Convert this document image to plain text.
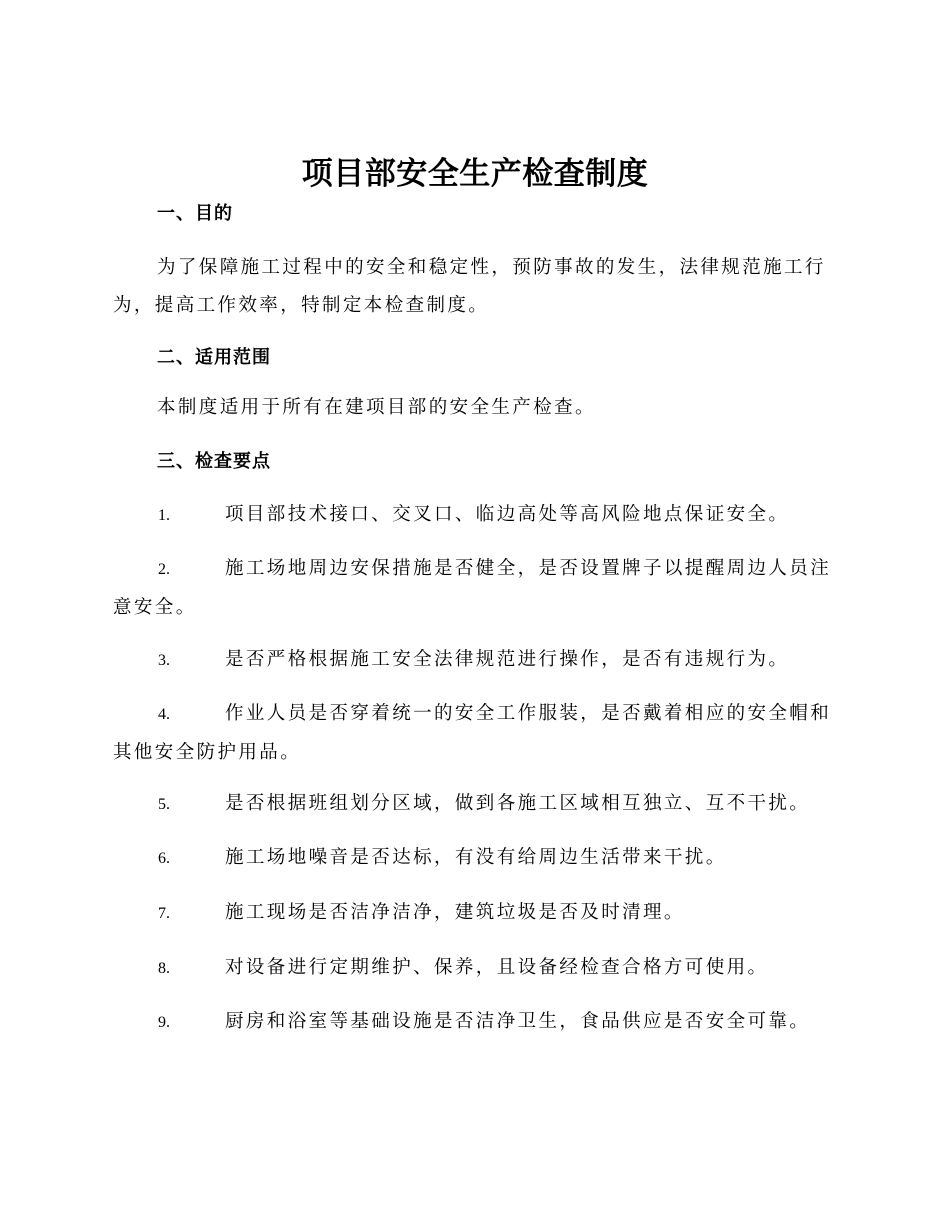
项目部安全生产检查制度
一、目的

为了保障施工过程中的安全和稳定性，预防事故的发生，法律规范施工行为，提高工作效率，特制定本检查制度。

二、适用范围

本制度适用于所有在建项目部的安全生产检查。

三、检查要点

1.	项目部技术接口、交叉口、临边高处等高风险地点保证安全。

2.	施工场地周边安保措施是否健全，是否设置牌子以提醒周边人员注意安全。

3.	是否严格根据施工安全法律规范进行操作，是否有违规行为。

4.	作业人员是否穿着统一的安全工作服装，是否戴着相应的安全帽和其他安全防护用品。

5.	是否根据班组划分区域，做到各施工区域相互独立、互不干扰。

6.	施工场地噪音是否达标，有没有给周边生活带来干扰。

7.	施工现场是否洁净洁净，建筑垃圾是否及时清理。

8.	对设备进行定期维护、保养，且设备经检查合格方可使用。

9.	厨房和浴室等基础设施是否洁净卫生，食品供应是否安全可靠。
